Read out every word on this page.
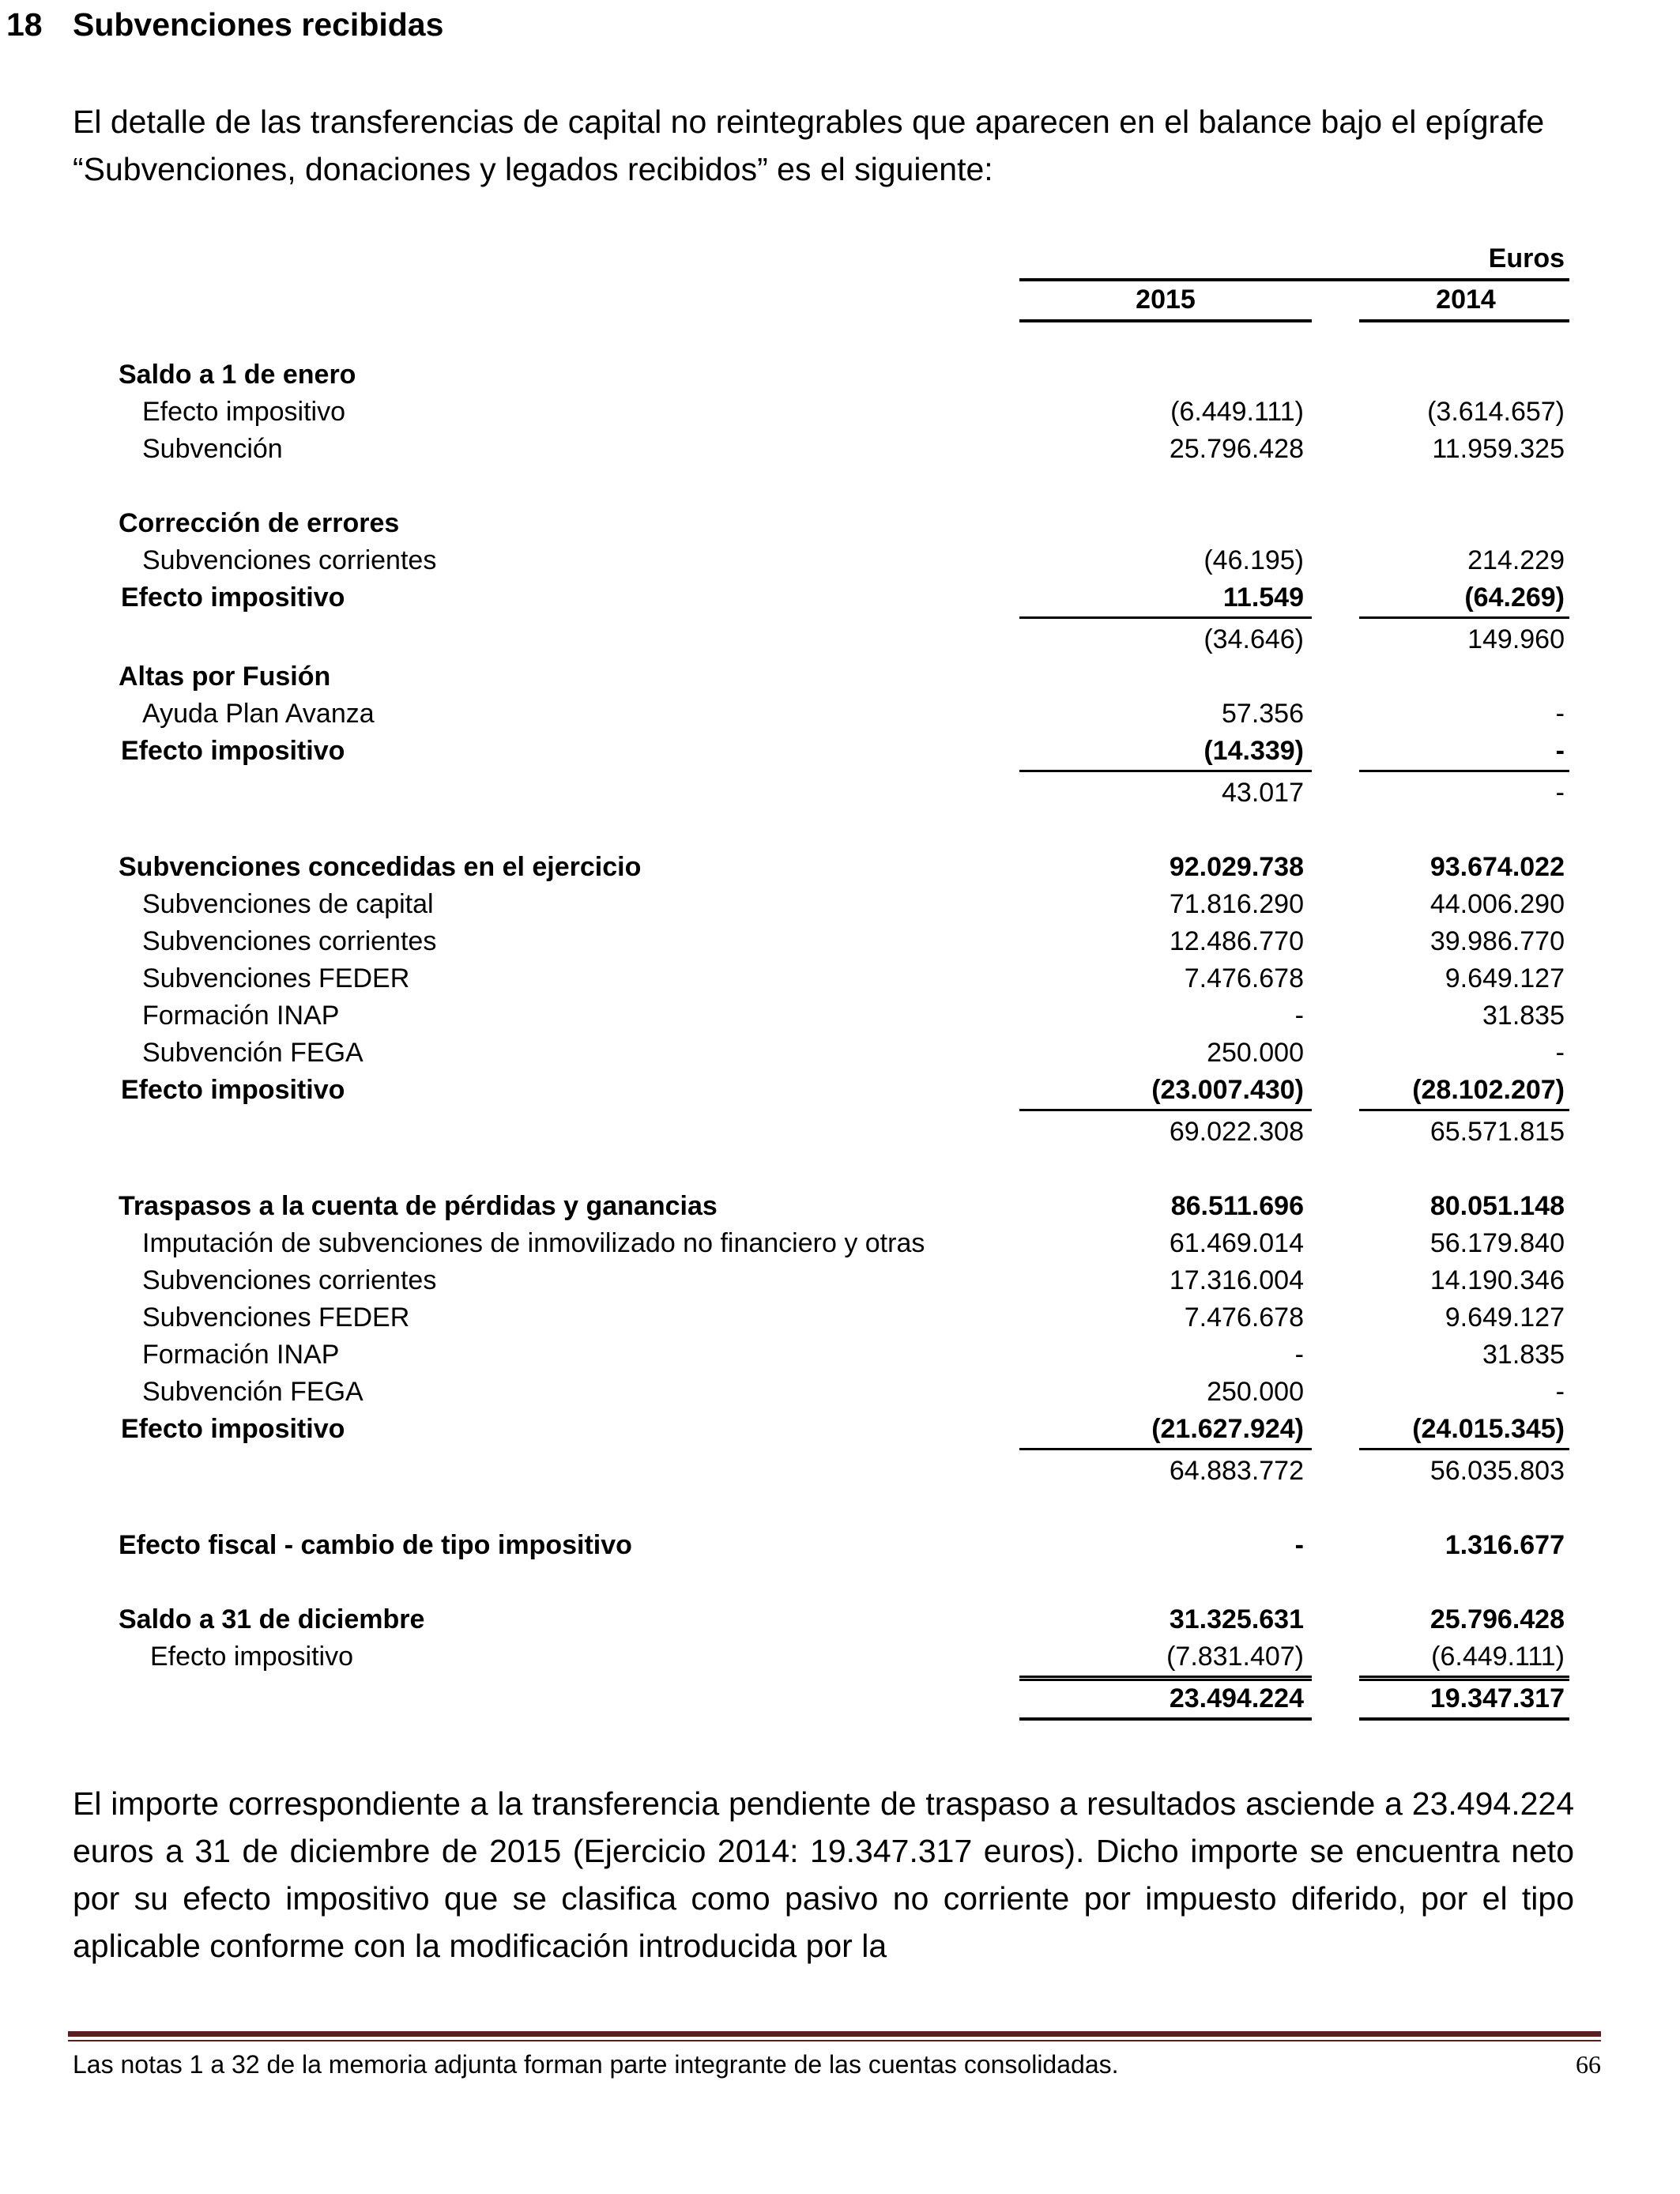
18 Subvenciones recibidas

El detalle de las transferencias de capital no reintegrables que aparecen en el balance bajo el epígrafe “Subvenciones, donaciones y legados recibidos” es el siguiente:

Euros
2015	2014
Saldo a 1 de enero
Efecto impositivo	(6.449.111)	(3.614.657)
Subvención	25.796.428	11.959.325
Corrección de errores
Subvenciones corrientes	(46.195)	214.229
Efecto impositivo	11.549	(64.269)
(34.646)	149.960
Altas por Fusión
Ayuda Plan Avanza	57.356	-
Efecto impositivo	(14.339)	-
43.017	-
Subvenciones concedidas en el ejercicio	92.029.738	93.674.022
Subvenciones de capital	71.816.290	44.006.290
Subvenciones corrientes	12.486.770	39.986.770
Subvenciones FEDER	7.476.678	9.649.127
Formación INAP	-	31.835
Subvención FEGA	250.000	-
Efecto impositivo	(23.007.430)	(28.102.207)
69.022.308	65.571.815
Traspasos a la cuenta de pérdidas y ganancias	86.511.696	80.051.148
Imputación de subvenciones de inmovilizado no financiero y otras	61.469.014	56.179.840
Subvenciones corrientes	17.316.004	14.190.346
Subvenciones FEDER	7.476.678	9.649.127
Formación INAP	-	31.835
Subvención FEGA	250.000	-
Efecto impositivo	(21.627.924)	(24.015.345)
64.883.772	56.035.803
Efecto fiscal - cambio de tipo impositivo	-	1.316.677
Saldo a 31 de diciembre	31.325.631	25.796.428
Efecto impositivo	(7.831.407)	(6.449.111)
23.494.224	19.347.317

El importe correspondiente a la transferencia pendiente de traspaso a resultados asciende a 23.494.224 euros a 31 de diciembre de 2015 (Ejercicio 2014: 19.347.317 euros). Dicho importe se encuentra neto por su efecto impositivo que se clasifica como pasivo no corriente por impuesto diferido, por el tipo aplicable conforme con la modificación introducida por la

Las notas 1 a 32 de la memoria adjunta forman parte integrante de las cuentas consolidadas.	66
